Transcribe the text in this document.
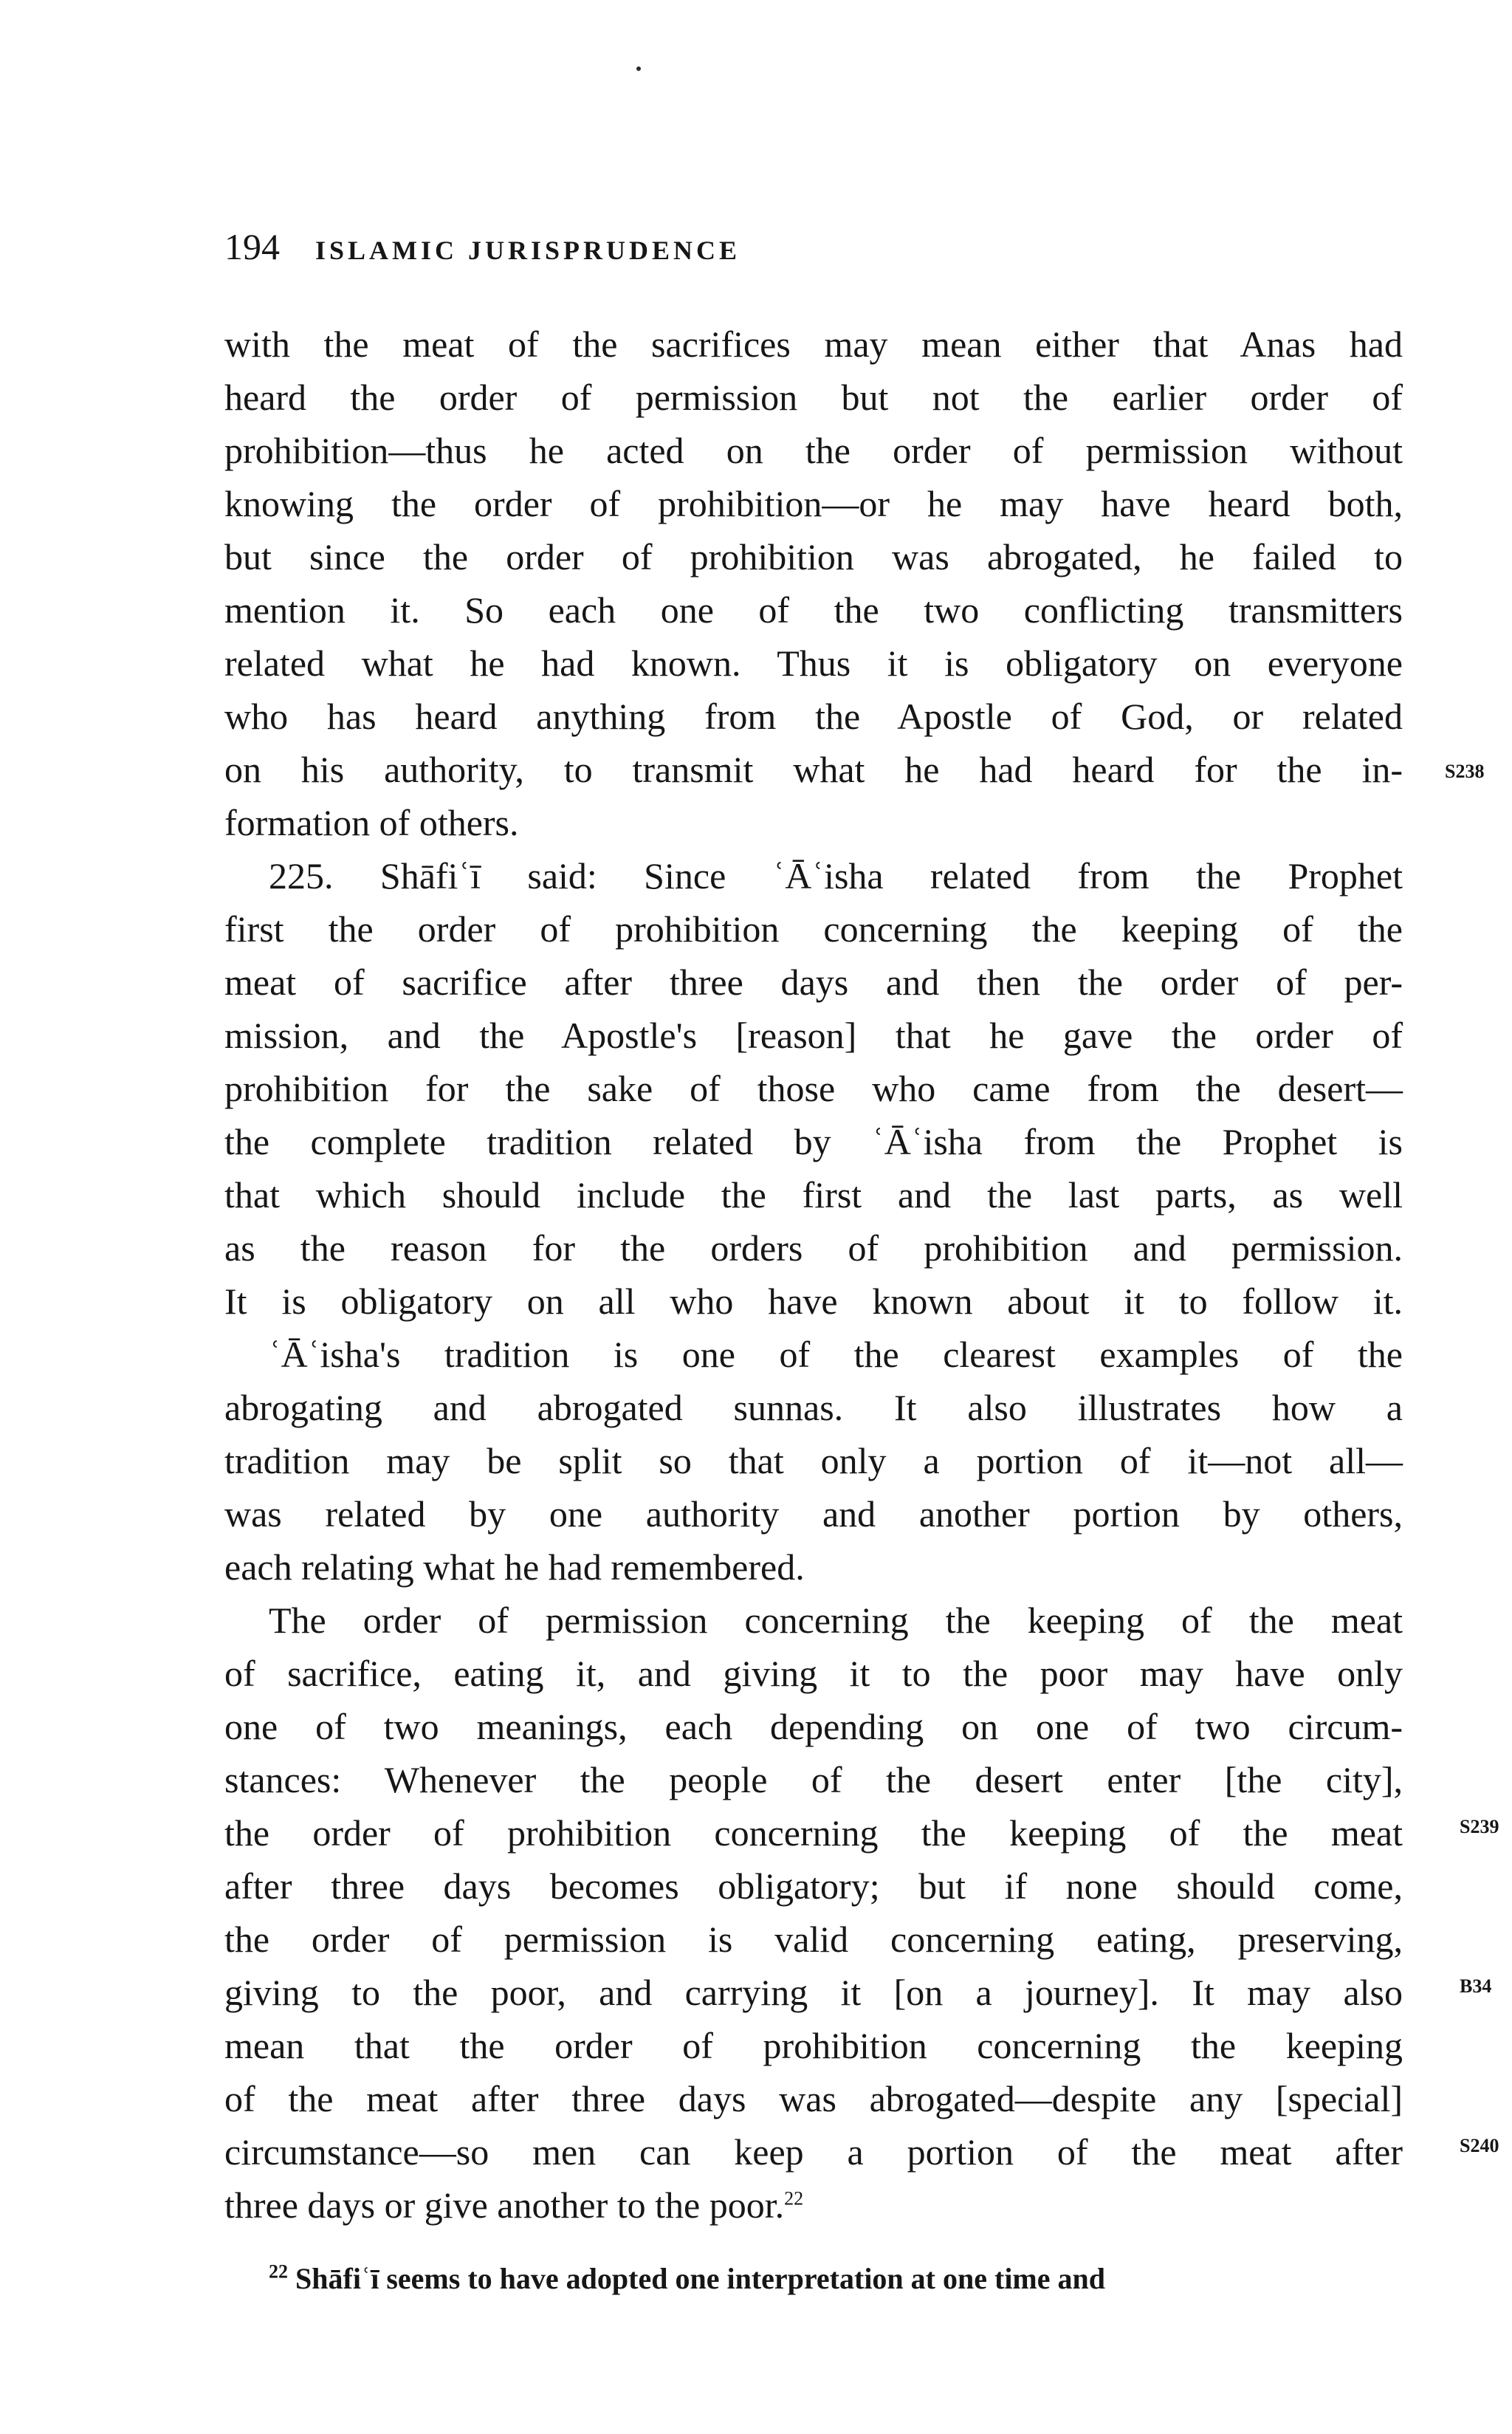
194 ISLAMIC JURISPRUDENCE
with the meat of the sacrifices may mean either that Anas had
heard the order of permission but not the earlier order of
prohibition—thus he acted on the order of permission without
knowing the order of prohibition—or he may have heard both,
but since the order of prohibition was abrogated, he failed to
mention it. So each one of the two conflicting transmitters
related what he had known. Thus it is obligatory on everyone
who has heard anything from the Apostle of God, or related
on his authority, to transmit what he had heard for the in-
formation of others.
225. Shāfiʿī said: Since ʿĀʿisha related from the Prophet
first the order of prohibition concerning the keeping of the
meat of sacrifice after three days and then the order of per-
mission, and the Apostle's [reason] that he gave the order of
prohibition for the sake of those who came from the desert—
the complete tradition related by ʿĀʿisha from the Prophet is
that which should include the first and the last parts, as well
as the reason for the orders of prohibition and permission.
It is obligatory on all who have known about it to follow it.
ʿĀʿisha's tradition is one of the clearest examples of the
abrogating and abrogated sunnas. It also illustrates how a
tradition may be split so that only a portion of it—not all—
was related by one authority and another portion by others,
each relating what he had remembered.
The order of permission concerning the keeping of the meat
of sacrifice, eating it, and giving it to the poor may have only
one of two meanings, each depending on one of two circum-
stances: Whenever the people of the desert enter [the city],
the order of prohibition concerning the keeping of the meat
after three days becomes obligatory; but if none should come,
the order of permission is valid concerning eating, preserving,
giving to the poor, and carrying it [on a journey]. It may also
mean that the order of prohibition concerning the keeping
of the meat after three days was abrogated—despite any [special]
circumstance—so men can keep a portion of the meat after
three days or give another to the poor.$^{22}$
$^{22}$ Shāfiʿī seems to have adopted one interpretation at one time and
S238
S239
B34
S240
